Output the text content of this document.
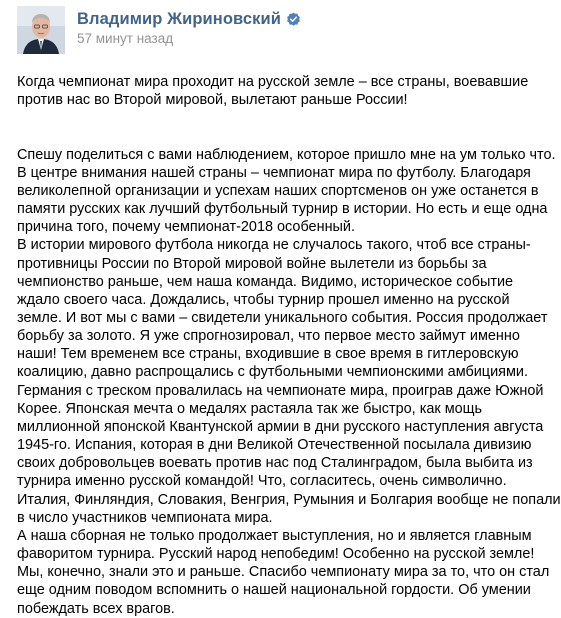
Владимир Жириновский
57 минут назад

Когда чемпионат мира проходит на русской земле – все страны, воевавшие

против нас во Второй мировой, вылетают раньше России!

Спешу поделиться с вами наблюдением, которое пришло мне на ум только что.

В центре внимания нашей страны – чемпионат мира по футболу. Благодаря

великолепной организации и успехам наших спортсменов он уже останется в

памяти русских как лучший футбольный турнир в истории. Но есть и еще одна

причина того, почему чемпионат-2018 особенный.

В истории мирового футбола никогда не случалось такого, чтоб все страны-

противницы России по Второй мировой войне вылетели из борьбы за

чемпионство раньше, чем наша команда. Видимо, историческое событие

ждало своего часа. Дождались, чтобы турнир прошел именно на русской

земле. И вот мы с вами – свидетели уникального события. Россия продолжает

борьбу за золото. Я уже спрогнозировал, что первое место займут именно

наши! Тем временем все страны, входившие в свое время в гитлеровскую

коалицию, давно распрощались с футбольными чемпионскими амбициями.

Германия с треском провалилась на чемпионате мира, проиграв даже Южной

Корее. Японская мечта о медалях растаяла так же быстро, как мощь

миллионной японской Квантунской армии в дни русского наступления августа

1945-го. Испания, которая в дни Великой Отечественной посылала дивизию

своих добровольцев воевать против нас под Сталинградом, была выбита из

турнира именно русской командой! Что, согласитесь, очень символично.

Италия, Финляндия, Словакия, Венгрия, Румыния и Болгария вообще не попали

в число участников чемпионата мира.

А наша сборная не только продолжает выступления, но и является главным

фаворитом турнира. Русский народ непобедим! Особенно на русской земле!

Мы, конечно, знали это и раньше. Спасибо чемпионату мира за то, что он стал

еще одним поводом вспомнить о нашей национальной гордости. Об умении

побеждать всех врагов.
